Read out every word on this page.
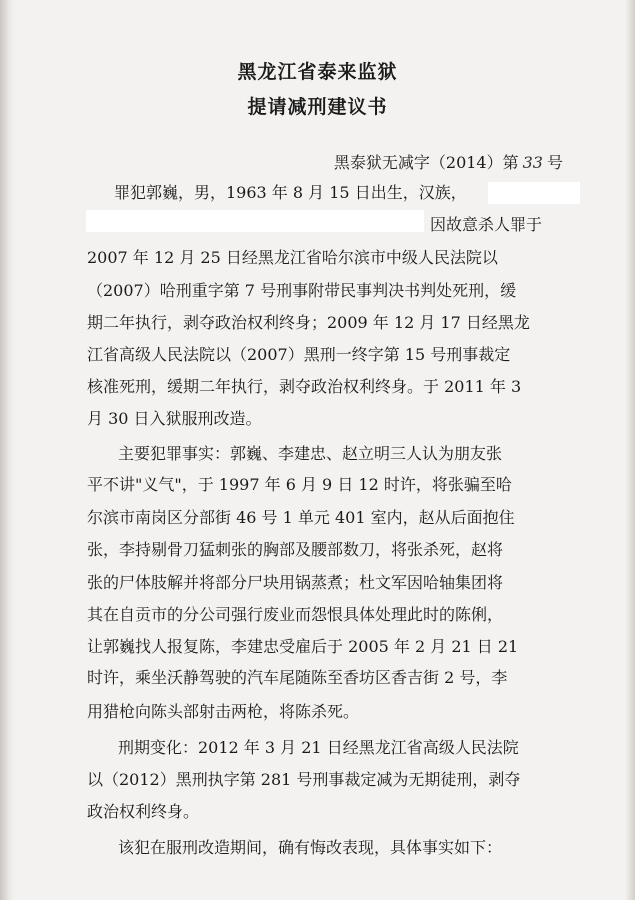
黑龙江省泰来监狱
提请减刑建议书
黑泰狱无减字（2014）第 33 号
罪犯郭巍，男，1963 年 8 月 15 日出生，汉族，
因故意杀人罪于
2007 年 12 月 25 日经黑龙江省哈尔滨市中级人民法院以
（2007）哈刑重字第 7 号刑事附带民事判决书判处死刑，缓
期二年执行，剥夺政治权利终身；2009 年 12 月 17 日经黑龙
江省高级人民法院以（2007）黑刑一终字第 15 号刑事裁定
核准死刑，缓期二年执行，剥夺政治权利终身。于 2011 年 3
月 30 日入狱服刑改造。
主要犯罪事实：郭巍、李建忠、赵立明三人认为朋友张
平不讲"义气"，于 1997 年 6 月 9 日 12 时许，将张骗至哈
尔滨市南岗区分部街 46 号 1 单元 401 室内，赵从后面抱住
张，李持剔骨刀猛刺张的胸部及腰部数刀，将张杀死，赵将
张的尸体肢解并将部分尸块用锅蒸煮；杜文军因哈轴集团将
其在自贡市的分公司强行废业而怨恨具体处理此时的陈俐，
让郭巍找人报复陈，李建忠受雇后于 2005 年 2 月 21 日 21
时许，乘坐沃静驾驶的汽车尾随陈至香坊区香吉街 2 号，李
用猎枪向陈头部射击两枪，将陈杀死。
刑期变化：2012 年 3 月 21 日经黑龙江省高级人民法院
以（2012）黑刑执字第 281 号刑事裁定减为无期徒刑，剥夺
政治权利终身。
该犯在服刑改造期间，确有悔改表现，具体事实如下：
